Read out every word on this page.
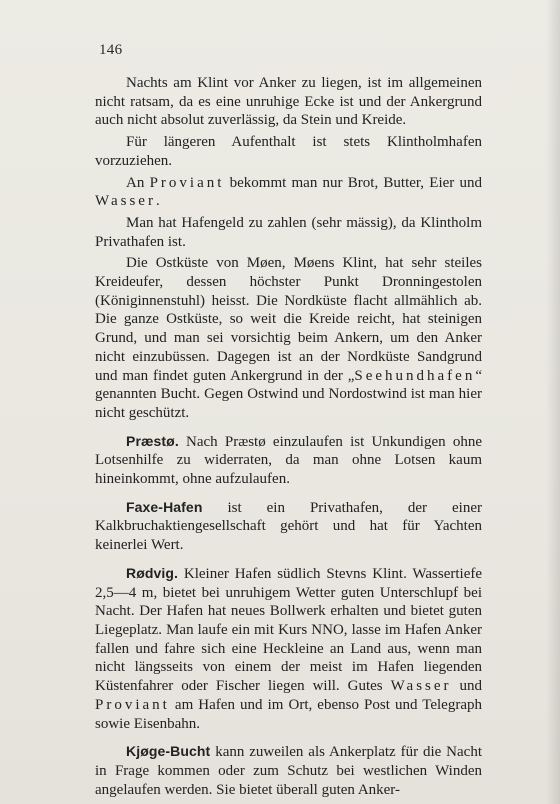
146

Nachts am Klint vor Anker zu liegen, ist im allgemeinen nicht ratsam, da es eine unruhige Ecke ist und der Ankergrund auch nicht absolut zuverlässig, da Stein und Kreide.

Für längeren Aufenthalt ist stets Klintholmhafen vorzuziehen.

An Proviant bekommt man nur Brot, Butter, Eier und Wasser.

Man hat Hafengeld zu zahlen (sehr mässig), da Klintholm Privathafen ist.

Die Ostküste von Møen, Møens Klint, hat sehr steiles Kreideufer, dessen höchster Punkt Dronningestolen (Königinnenstuhl) heisst. Die Nordküste flacht allmählich ab. Die ganze Ostküste, so weit die Kreide reicht, hat steinigen Grund, und man sei vorsichtig beim Ankern, um den Anker nicht einzubüssen. Dagegen ist an der Nordküste Sandgrund und man findet guten Ankergrund in der „Seehundhafen“ genannten Bucht. Gegen Ostwind und Nordostwind ist man hier nicht geschützt.

Præstø. Nach Præstø einzulaufen ist Unkundigen ohne Lotsenhilfe zu widerraten, da man ohne Lotsen kaum hineinkommt, ohne aufzulaufen.

Faxe-Hafen ist ein Privathafen, der einer Kalkbruchaktiengesellschaft gehört und hat für Yachten keinerlei Wert.

Rødvig. Kleiner Hafen südlich Stevns Klint. Wassertiefe 2,5—4 m, bietet bei unruhigem Wetter guten Unterschlupf bei Nacht. Der Hafen hat neues Bollwerk erhalten und bietet guten Liegeplatz. Man laufe ein mit Kurs NNO, lasse im Hafen Anker fallen und fahre sich eine Heckleine an Land aus, wenn man nicht längsseits von einem der meist im Hafen liegenden Küstenfahrer oder Fischer liegen will. Gutes Wasser und Proviant am Hafen und im Ort, ebenso Post und Telegraph sowie Eisenbahn.

Kjøge-Bucht kann zuweilen als Ankerplatz für die Nacht in Frage kommen oder zum Schutz bei westlichen Winden angelaufen werden. Sie bietet überall guten Anker-
